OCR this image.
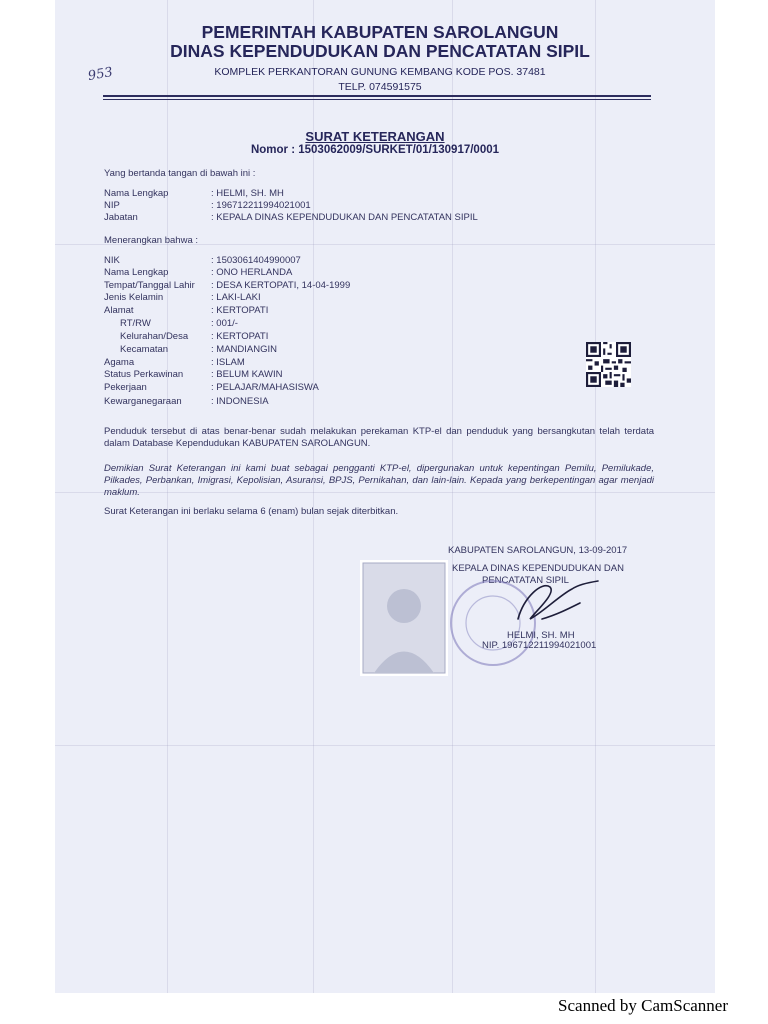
953
PEMERINTAH KABUPATEN SAROLANGUN
DINAS KEPENDUDUKAN DAN PENCATATAN SIPIL
KOMPLEK PERKANTORAN GUNUNG KEMBANG KODE POS. 37481
TELP. 074591575
SURAT KETERANGAN
Nomor : 1503062009/SURKET/01/130917/0001
Yang bertanda tangan di bawah ini :
Nama Lengkap	: HELMI, SH. MH
NIP	: 196712211994021001
Jabatan	: KEPALA DINAS KEPENDUDUKAN DAN PENCATATAN SIPIL
Menerangkan bahwa :
NIK	: 1503061404990007
Nama Lengkap	: ONO HERLANDA
Tempat/Tanggal Lahir : DESA KERTOPATI, 14-04-1999
Jenis Kelamin	: LAKI-LAKI
Alamat	: KERTOPATI
RT/RW	: 001/-
Kelurahan/Desa : KERTOPATI
Kecamatan	: MANDIANGIN
Agama	: ISLAM
Status Perkawinan	: BELUM KAWIN
Pekerjaan	: PELAJAR/MAHASISWA
Kewarganegaraan	: INDONESIA
Penduduk tersebut di atas benar-benar sudah melakukan perekaman KTP-el dan penduduk yang bersangkutan telah terdata dalam Database Kependudukan KABUPATEN SAROLANGUN.
Demikian Surat Keterangan ini kami buat sebagai pengganti KTP-el, dipergunakan untuk kepentingan Pemilu, Pemilukade, Pilkades, Perbankan, Imigrasi, Kepolisian, Asuransi, BPJS, Pernikahan, dan lain-lain. Kepada yang berkepentingan agar menjadi maklum.
Surat Keterangan ini berlaku selama 6 (enam) bulan sejak diterbitkan.
KABUPATEN SAROLANGUN, 13-09-2017
KEPALA DINAS KEPENDUDUKAN DAN
PENCATATAN SIPIL
HELMI, SH. MH
NIP. 196712211994021001
Scanned by CamScanner
